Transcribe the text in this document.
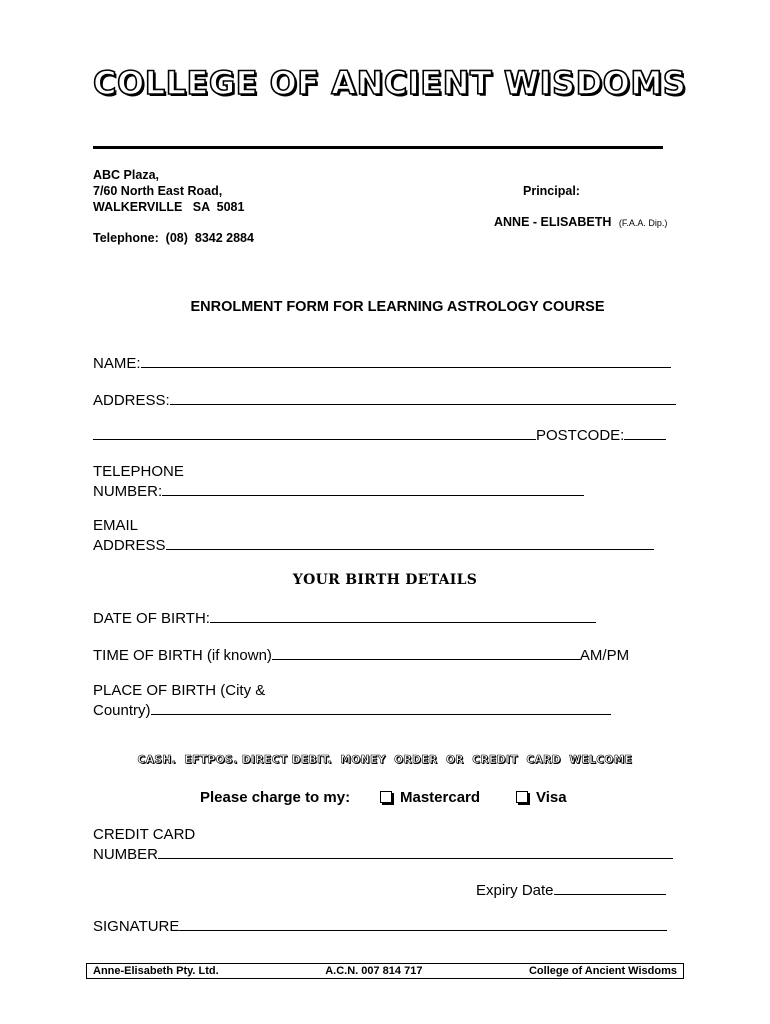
COLLEGE OF ANCIENT WISDOMS
ABC Plaza,
7/60 North East Road,
WALKERVILLE   SA  5081
Telephone:  (08)  8342 2884
Principal:
ANNE - ELISABETH (F.A.A. Dip.)
ENROLMENT FORM FOR LEARNING ASTROLOGY COURSE
NAME:
ADDRESS:
POSTCODE:
TELEPHONE
NUMBER:
EMAIL
ADDRESS
YOUR BIRTH DETAILS
DATE OF BIRTH:
TIME OF BIRTH (if known)	AM/PM
PLACE OF BIRTH (City &
Country)
CASH.  EFTPOS. DIRECT DEBIT.  MONEY  ORDER  OR  CREDIT  CARD  WELCOME
Please charge to my:	Mastercard	Visa
CREDIT CARD
NUMBER
Expiry Date
SIGNATURE
Anne-Elisabeth Pty. Ltd.	A.C.N. 007 814 717	College of Ancient Wisdoms
